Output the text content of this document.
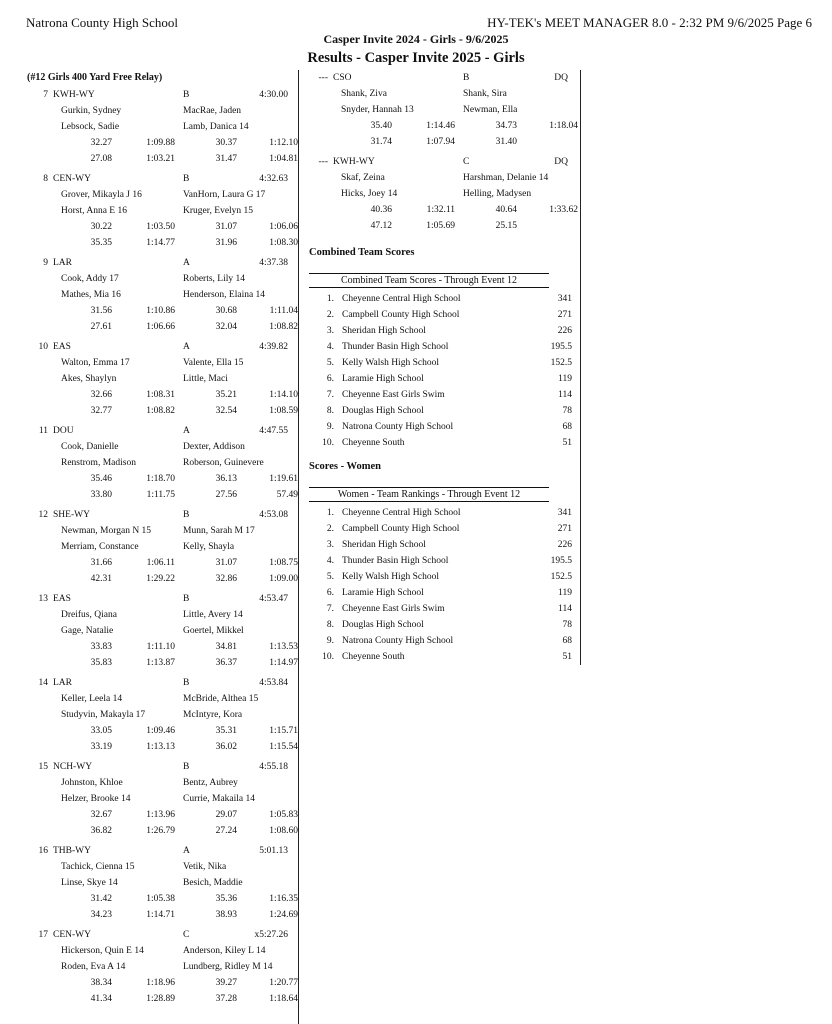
Natrona County High School	HY-TEK's MEET MANAGER 8.0 - 2:32 PM 9/6/2025 Page 6
Casper Invite 2024 - Girls - 9/6/2025
Results - Casper Invite 2025 - Girls
(#12 Girls 400 Yard Free Relay)
7 KWH-WY	B	4:30.00
Gurkin, Sydney	MacRae, Jaden
Lebsock, Sadie	Lamb, Danica 14
32.27	1:09.88	30.37	1:12.10
27.08	1:03.21	31.47	1:04.81
8 CEN-WY	B	4:32.63
Grover, Mikayla J 16	VanHorn, Laura G 17
Horst, Anna E 16	Kruger, Evelyn 15
30.22	1:03.50	31.07	1:06.06
35.35	1:14.77	31.96	1:08.30
9 LAR	A	4:37.38
Cook, Addy 17	Roberts, Lily 14
Mathes, Mia 16	Henderson, Elaina 14
31.56	1:10.86	30.68	1:11.04
27.61	1:06.66	32.04	1:08.82
10 EAS	A	4:39.82
Walton, Emma 17	Valente, Ella 15
Akes, Shaylyn	Little, Maci
32.66	1:08.31	35.21	1:14.10
32.77	1:08.82	32.54	1:08.59
11 DOU	A	4:47.55
Cook, Danielle	Dexter, Addison
Renstrom, Madison	Roberson, Guinevere
35.46	1:18.70	36.13	1:19.61
33.80	1:11.75	27.56	57.49
12 SHE-WY	B	4:53.08
Newman, Morgan N 15	Munn, Sarah M 17
Merriam, Constance	Kelly, Shayla
31.66	1:06.11	31.07	1:08.75
42.31	1:29.22	32.86	1:09.00
13 EAS	B	4:53.47
Dreifus, Qiana	Little, Avery 14
Gage, Natalie	Goertel, Mikkel
33.83	1:11.10	34.81	1:13.53
35.83	1:13.87	36.37	1:14.97
14 LAR	B	4:53.84
Keller, Leela 14	McBride, Althea 15
Studyvin, Makayla 17	McIntyre, Kora
33.05	1:09.46	35.31	1:15.71
33.19	1:13.13	36.02	1:15.54
15 NCH-WY	B	4:55.18
Johnston, Khloe	Bentz, Aubrey
Helzer, Brooke 14	Currie, Makaila 14
32.67	1:13.96	29.07	1:05.83
36.82	1:26.79	27.24	1:08.60
16 THB-WY	A	5:01.13
Tachick, Cienna 15	Vetik, Nika
Linse, Skye 14	Besich, Maddie
31.42	1:05.38	35.36	1:16.35
34.23	1:14.71	38.93	1:24.69
17 CEN-WY	C	x5:27.26
Hickerson, Quin E 14	Anderson, Kiley L 14
Roden, Eva A 14	Lundberg, Ridley M 14
38.34	1:18.96	39.27	1:20.77
41.34	1:28.89	37.28	1:18.64
--- CSO	B	DQ
Shank, Ziva	Shank, Sira
Snyder, Hannah 13	Newman, Ella
35.40	1:14.46	34.73	1:18.04
31.74	1:07.94	31.40
--- KWH-WY	C	DQ
Skaf, Zeina	Harshman, Delanie 14
Hicks, Joey 14	Helling, Madysen
40.36	1:32.11	40.64	1:33.62
47.12	1:05.69	25.15
Combined Team Scores
Combined Team Scores - Through Event 12
1. Cheyenne Central High School	341
2. Campbell County High School	271
3. Sheridan High School	226
4. Thunder Basin High School	195.5
5. Kelly Walsh High School	152.5
6. Laramie High School	119
7. Cheyenne East Girls Swim	114
8. Douglas High School	78
9. Natrona County High School	68
10. Cheyenne South	51
Scores - Women
Women - Team Rankings - Through Event 12
1. Cheyenne Central High School	341
2. Campbell County High School	271
3. Sheridan High School	226
4. Thunder Basin High School	195.5
5. Kelly Walsh High School	152.5
6. Laramie High School	119
7. Cheyenne East Girls Swim	114
8. Douglas High School	78
9. Natrona County High School	68
10. Cheyenne South	51
